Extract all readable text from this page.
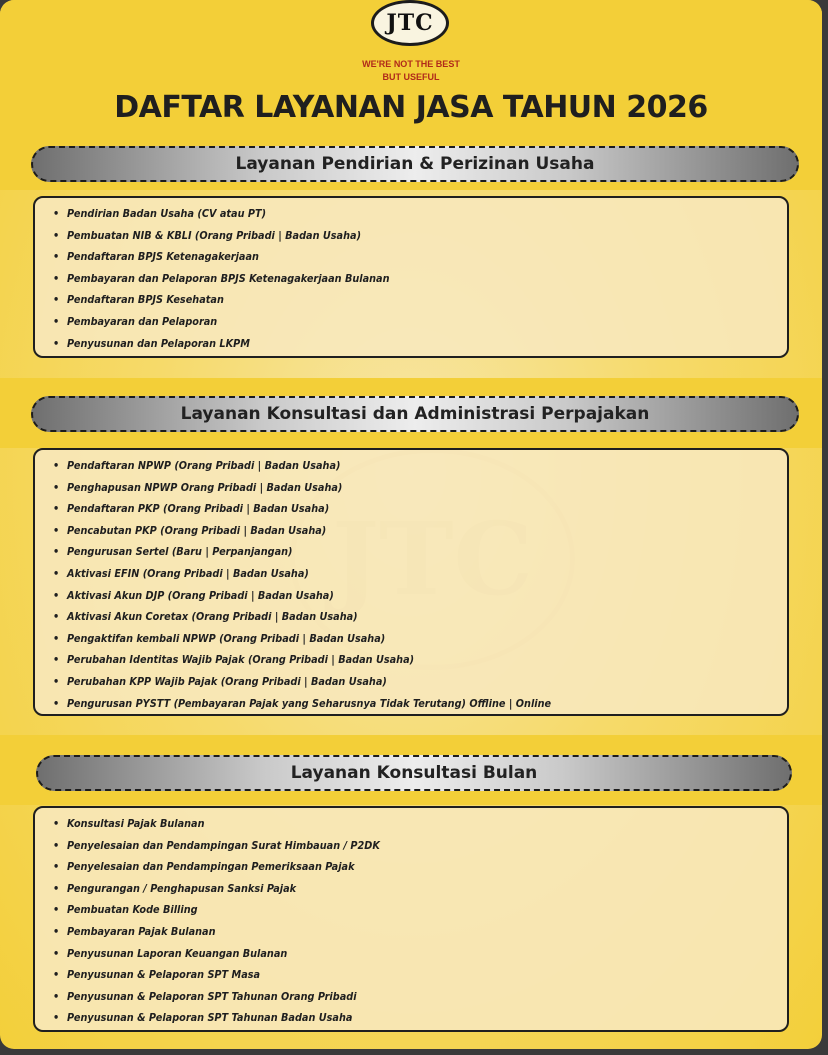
JTC
WE'RE NOT THE BEST
BUT USEFUL
DAFTAR LAYANAN JASA TAHUN 2026
Layanan Pendirian & Perizinan Usaha
• Pendirian Badan Usaha (CV atau PT)
• Pembuatan NIB & KBLI (Orang Pribadi | Badan Usaha)
• Pendaftaran BPJS Ketenagakerjaan
• Pembayaran dan Pelaporan BPJS Ketenagakerjaan Bulanan
• Pendaftaran BPJS Kesehatan
• Pembayaran dan Pelaporan
• Penyusunan dan Pelaporan LKPM
Layanan Konsultasi dan Administrasi Perpajakan
• Pendaftaran NPWP (Orang Pribadi | Badan Usaha)
• Penghapusan NPWP Orang Pribadi | Badan Usaha)
• Pendaftaran PKP (Orang Pribadi | Badan Usaha)
• Pencabutan PKP (Orang Pribadi | Badan Usaha)
• Pengurusan Sertel (Baru | Perpanjangan)
• Aktivasi EFIN (Orang Pribadi | Badan Usaha)
• Aktivasi Akun DJP (Orang Pribadi | Badan Usaha)
• Aktivasi Akun Coretax (Orang Pribadi | Badan Usaha)
• Pengaktifan kembali NPWP (Orang Pribadi | Badan Usaha)
• Perubahan Identitas Wajib Pajak (Orang Pribadi | Badan Usaha)
• Perubahan KPP Wajib Pajak (Orang Pribadi | Badan Usaha)
• Pengurusan PYSTT (Pembayaran Pajak yang Seharusnya Tidak Terutang) Offline | Online
Layanan Konsultasi Bulan
• Konsultasi Pajak Bulanan
• Penyelesaian dan Pendampingan Surat Himbauan / P2DK
• Penyelesaian dan Pendampingan Pemeriksaan Pajak
• Pengurangan / Penghapusan Sanksi Pajak
• Pembuatan Kode Billing
• Pembayaran Pajak Bulanan
• Penyusunan Laporan Keuangan Bulanan
• Penyusunan & Pelaporan SPT Masa
• Penyusunan & Pelaporan SPT Tahunan Orang Pribadi
• Penyusunan & Pelaporan SPT Tahunan Badan Usaha
